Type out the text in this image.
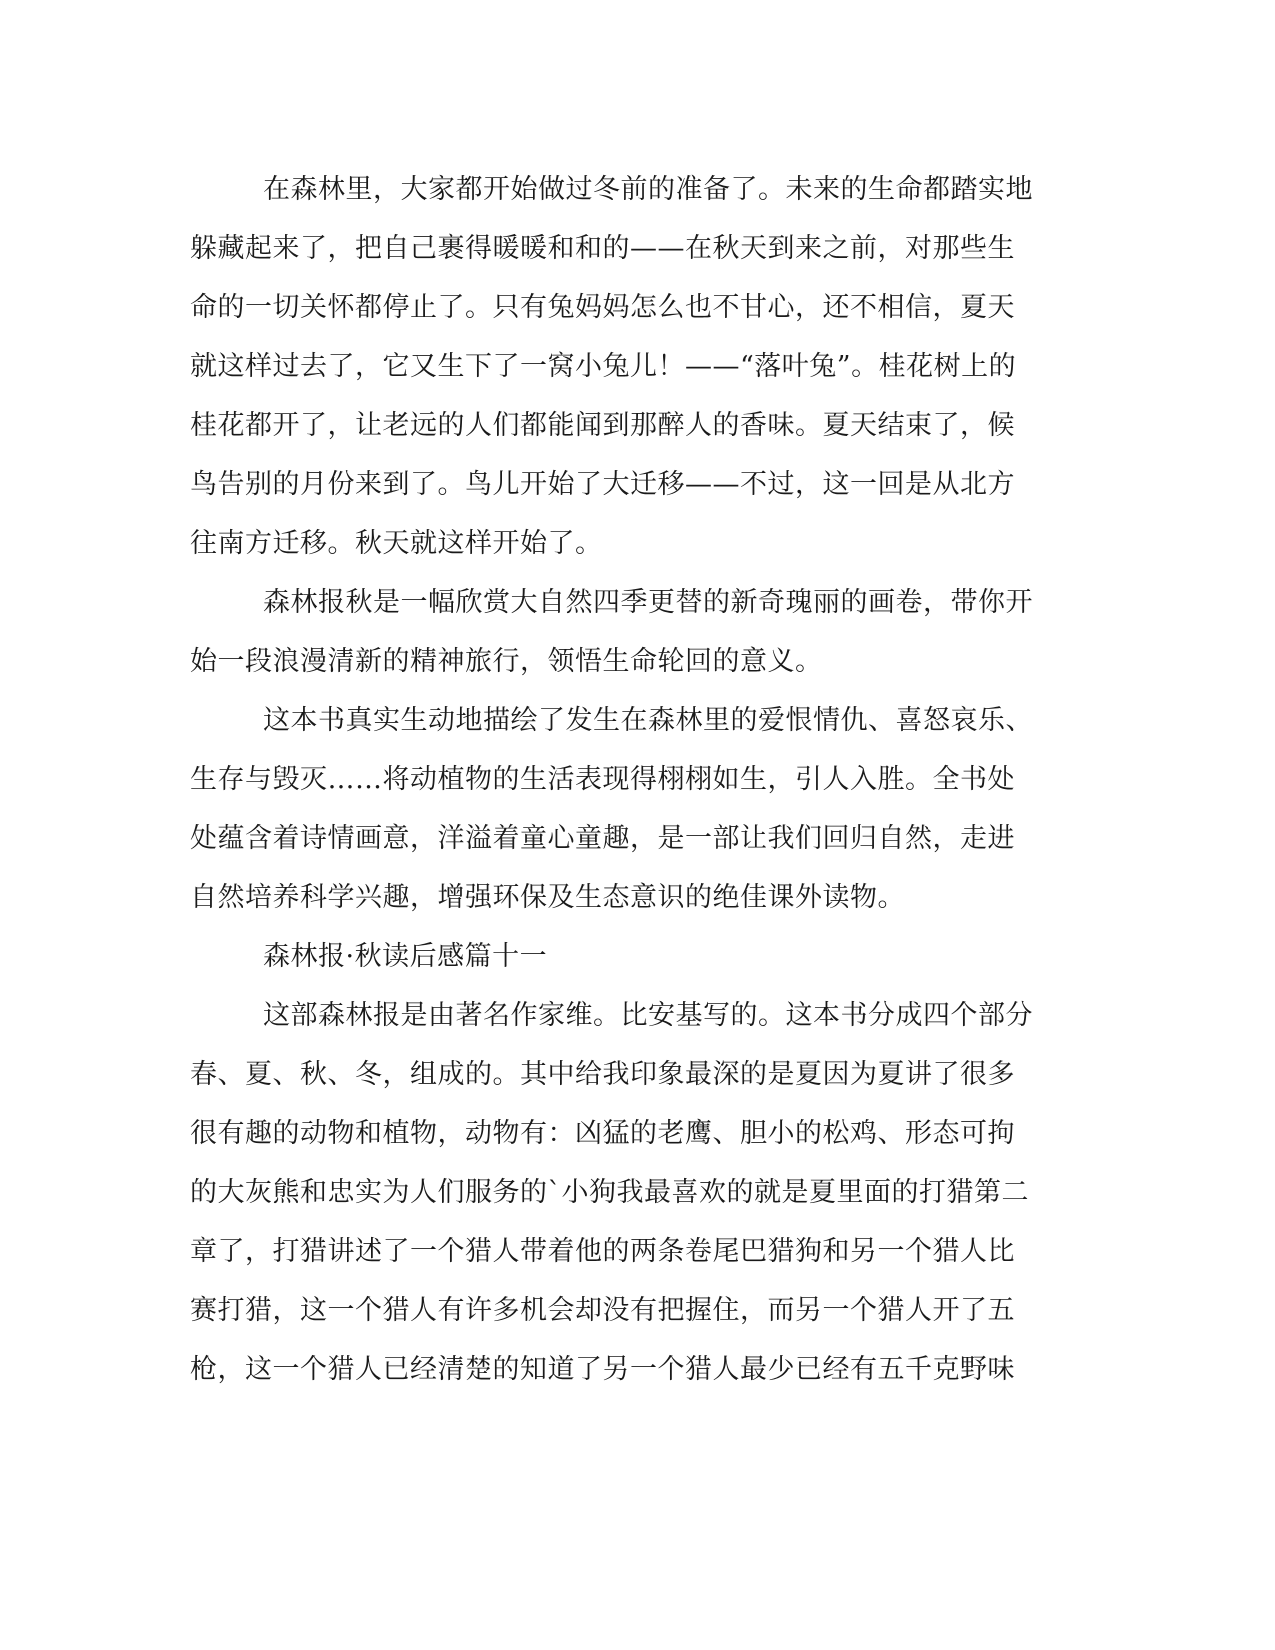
在森林里，大家都开始做过冬前的准备了。未来的生命都踏实地
躲藏起来了，把自己裹得暖暖和和的——在秋天到来之前，对那些生
命的一切关怀都停止了。只有兔妈妈怎么也不甘心，还不相信，夏天
就这样过去了，它又生下了一窝小兔儿！——“落叶兔”。桂花树上的
桂花都开了，让老远的人们都能闻到那醉人的香味。夏天结束了，候
鸟告别的月份来到了。鸟儿开始了大迁移——不过，这一回是从北方
往南方迁移。秋天就这样开始了。
森林报秋是一幅欣赏大自然四季更替的新奇瑰丽的画卷，带你开
始一段浪漫清新的精神旅行，领悟生命轮回的意义。
这本书真实生动地描绘了发生在森林里的爱恨情仇、喜怒哀乐、
生存与毁灭……将动植物的生活表现得栩栩如生，引人入胜。全书处
处蕴含着诗情画意，洋溢着童心童趣，是一部让我们回归自然，走进
自然培养科学兴趣，增强环保及生态意识的绝佳课外读物。
森林报·秋读后感篇十一
这部森林报是由著名作家维。比安基写的。这本书分成四个部分
春、夏、秋、冬，组成的。其中给我印象最深的是夏因为夏讲了很多
很有趣的动物和植物，动物有：凶猛的老鹰、胆小的松鸡、形态可拘
的大灰熊和忠实为人们服务的`小狗我最喜欢的就是夏里面的打猎第二
章了，打猎讲述了一个猎人带着他的两条卷尾巴猎狗和另一个猎人比
赛打猎，这一个猎人有许多机会却没有把握住，而另一个猎人开了五
枪，这一个猎人已经清楚的知道了另一个猎人最少已经有五千克野味
